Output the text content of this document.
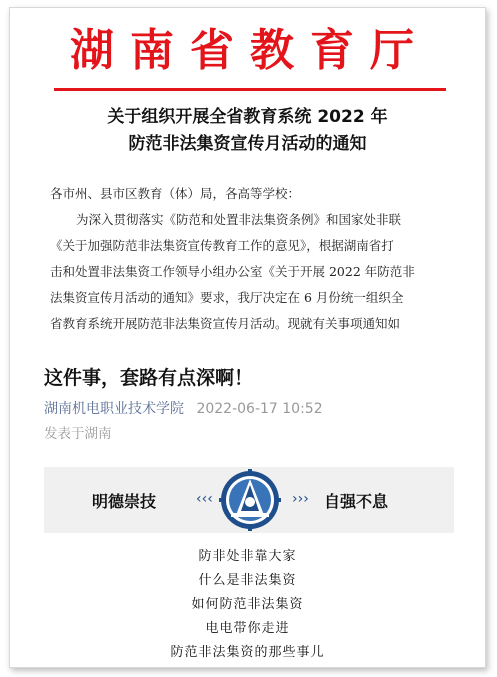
湖南省教育厅
关于组织开展全省教育系统 2022 年
防范非法集资宣传月活动的通知

各市州、县市区教育（体）局，各高等学校：

为深入贯彻落实《防范和处置非法集资条例》和国家处非联

《关于加强防范非法集资宣传教育工作的意见》，根据湖南省打

击和处置非法集资工作领导小组办公室《关于开展 2022 年防范非

法集资宣传月活动的通知》要求，我厅决定在 6 月份统一组织全

省教育系统开展防范非法集资宣传月活动。现就有关事项通知如

这件事，套路有点深啊！
湖南机电职业技术学院 2022-06-17 10:52
发表于湖南
明德崇技	‹‹‹	››› 自强不息
防非处非靠大家
什么是非法集资
如何防范非法集资
电电带你走进
防范非法集资的那些事儿
